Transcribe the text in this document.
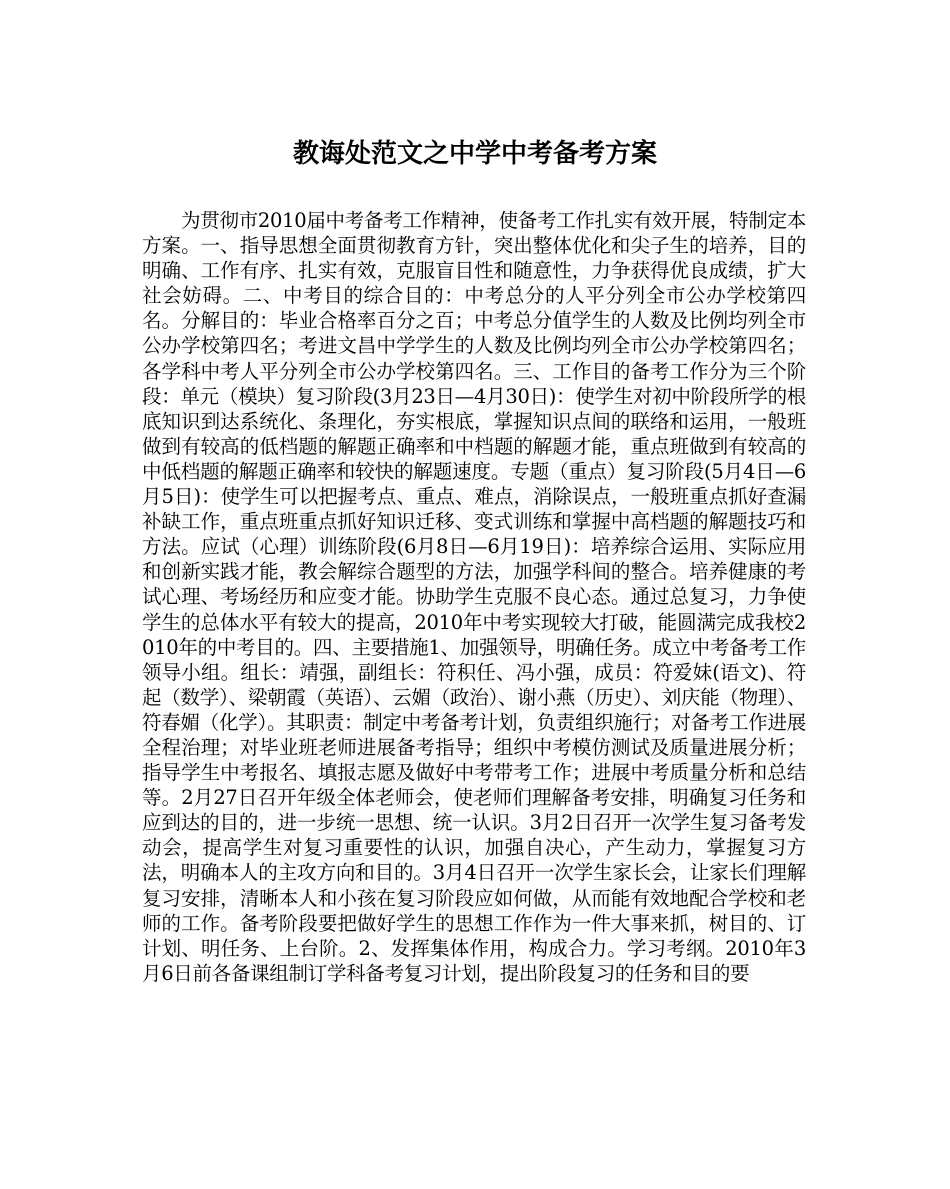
教诲处范文之中学中考备考方案

为贯彻市2010届中考备考工作精神，使备考工作扎实有效开展，特制定本方案。一、指导思想全面贯彻教育方针，突出整体优化和尖子生的培养，目的明确、工作有序、扎实有效，克服盲目性和随意性，力争获得优良成绩，扩大社会妨碍。二、中考目的综合目的：中考总分的人平分列全市公办学校第四名。分解目的：毕业合格率百分之百；中考总分值学生的人数及比例均列全市公办学校第四名；考进文昌中学学生的人数及比例均列全市公办学校第四名；各学科中考人平分列全市公办学校第四名。三、工作目的备考工作分为三个阶段：单元（模块）复习阶段(3月23日—4月30日)：使学生对初中阶段所学的根底知识到达系统化、条理化，夯实根底，掌握知识点间的联络和运用，一般班做到有较高的低档题的解题正确率和中档题的解题才能，重点班做到有较高的中低档题的解题正确率和较快的解题速度。专题（重点）复习阶段(5月4日—6月5日)：使学生可以把握考点、重点、难点，消除误点，一般班重点抓好查漏补缺工作，重点班重点抓好知识迁移、变式训练和掌握中高档题的解题技巧和方法。应试（心理）训练阶段(6月8日—6月19日)：培养综合运用、实际应用和创新实践才能，教会解综合题型的方法，加强学科间的整合。培养健康的考试心理、考场经历和应变才能。协助学生克服不良心态。通过总复习，力争使学生的总体水平有较大的提高，2010年中考实现较大打破，能圆满完成我校2010年的中考目的。四、主要措施1、加强领导，明确任务。成立中考备考工作领导小组。组长：靖强，副组长：符积任、冯小强，成员：符爱妹(语文)、符 起（数学）、梁朝霞（英语）、云媚（政治）、谢小燕（历史）、刘庆能（物理）、符春媚（化学）。其职责：制定中考备考计划，负责组织施行；对备考工作进展全程治理；对毕业班老师进展备考指导；组织中考模仿测试及质量进展分析；指导学生中考报名、填报志愿及做好中考带考工作；进展中考质量分析和总结等。2月27日召开年级全体老师会，使老师们理解备考安排，明确复习任务和应到达的目的，进一步统一思想、统一认识。3月2日召开一次学生复习备考发动会，提高学生对复习重要性的认识，加强自决心，产生动力，掌握复习方法，明确本人的主攻方向和目的。3月4日召开一次学生家长会，让家长们理解复习安排，清晰本人和小孩在复习阶段应如何做，从而能有效地配合学校和老师的工作。备考阶段要把做好学生的思想工作作为一件大事来抓，树目的、订计划、明任务、上台阶。2、发挥集体作用，构成合力。学习考纲。2010年3月6日前各备课组制订学科备考复习计划，提出阶段复习的任务和目的要
